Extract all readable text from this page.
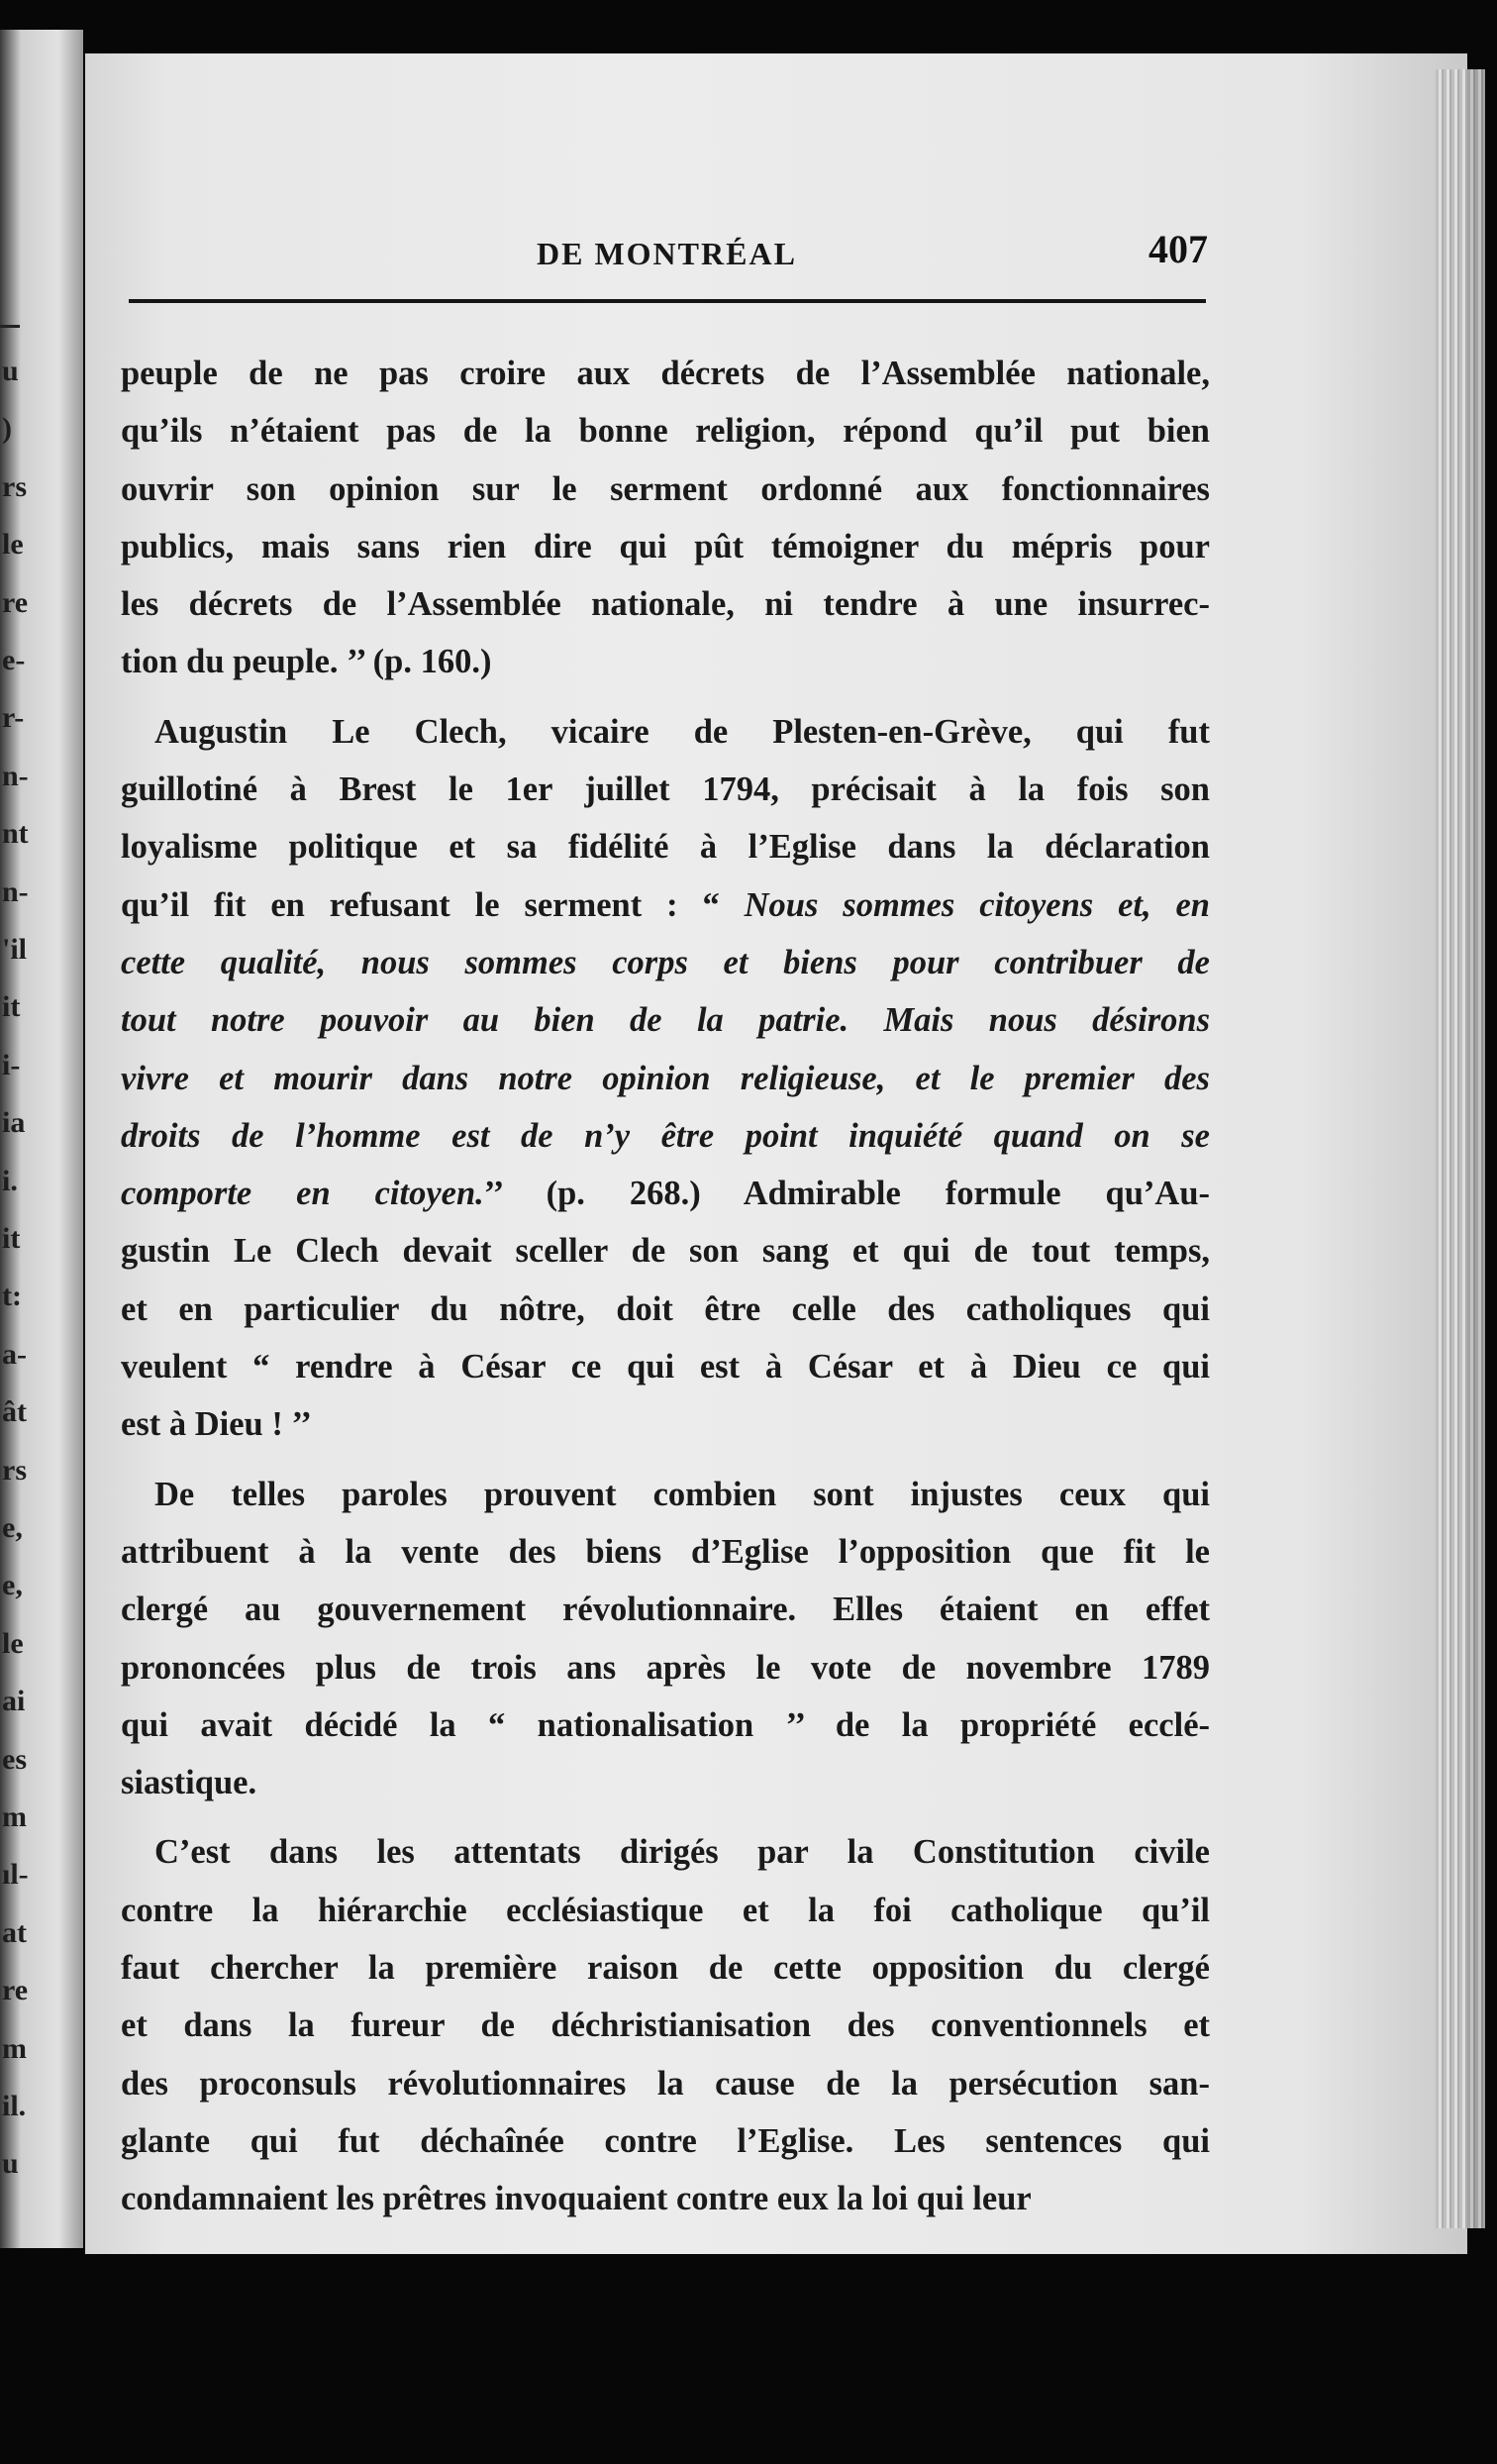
u
)
rs
le
re
e-
r-
n-
nt
n-
'il
it
i-
ia
i.
it
t:
a-
ât
rs
e,
e,
le
ai
es
m
ıl-
at
re
m
il.
u
DE MONTRÉAL	407
peuple de ne pas croire aux décrets de l’Assemblée nationale,
qu’ils n’étaient pas de la bonne religion, répond qu’il put bien
ouvrir son opinion sur le serment ordonné aux fonctionnaires
publics, mais sans rien dire qui pût témoigner du mépris pour
les décrets de l’Assemblée nationale, ni tendre à une insurrec-
tion du peuple. ’’ (p. 160.)
Augustin Le Clech, vicaire de Plesten-en-Grève, qui fut
guillotiné à Brest le 1er juillet 1794, précisait à la fois son
loyalisme politique et sa fidélité à l’Eglise dans la déclaration
qu’il fit en refusant le serment : “ Nous sommes citoyens et, en
cette qualité, nous sommes corps et biens pour contribuer de
tout notre pouvoir au bien de la patrie. Mais nous désirons
vivre et mourir dans notre opinion religieuse, et le premier des
droits de l’homme est de n’y être point inquiété quand on se
comporte en citoyen.’’ (p. 268.) Admirable formule qu’Au-
gustin Le Clech devait sceller de son sang et qui de tout temps,
et en particulier du nôtre, doit être celle des catholiques qui
veulent “ rendre à César ce qui est à César et à Dieu ce qui
est à Dieu ! ’’
De telles paroles prouvent combien sont injustes ceux qui
attribuent à la vente des biens d’Eglise l’opposition que fit le
clergé au gouvernement révolutionnaire. Elles étaient en effet
prononcées plus de trois ans après le vote de novembre 1789
qui avait décidé la “ nationalisation ’’ de la propriété ecclé-
siastique.
C’est dans les attentats dirigés par la Constitution civile
contre la hiérarchie ecclésiastique et la foi catholique qu’il
faut chercher la première raison de cette opposition du clergé
et dans la fureur de déchristianisation des conventionnels et
des proconsuls révolutionnaires la cause de la persécution san-
glante qui fut déchaînée contre l’Eglise. Les sentences qui
condamnaient les prêtres invoquaient contre eux la loi qui leur
